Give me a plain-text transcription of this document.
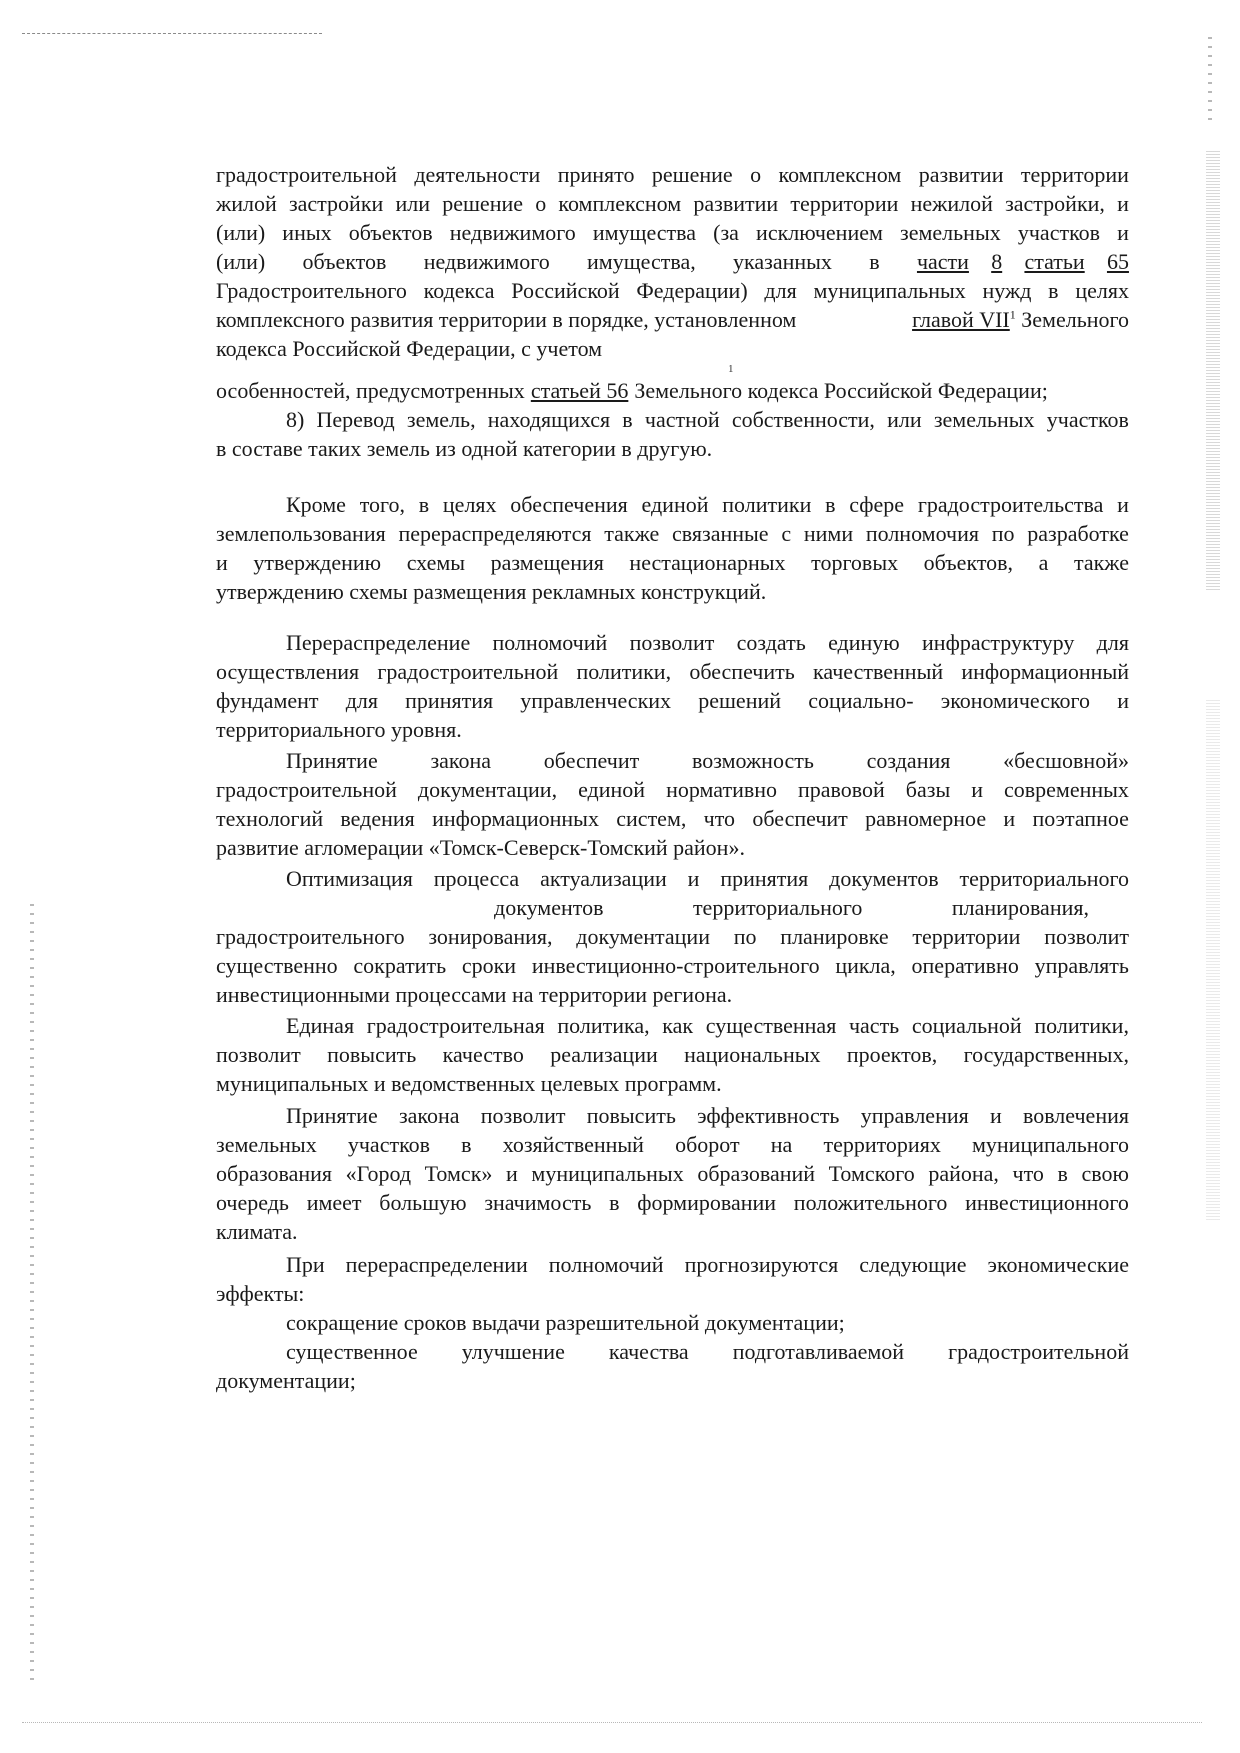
градостроительной деятельности принято решение о комплексном развитии территории
жилой застройки или решение о комплексном развитии территории нежилой застройки, и
(или) иных объектов недвижимого имущества (за исключением земельных участков и
(или) объектов недвижимого имущества, указанных в части 8 статьи 65
Градостроительного кодекса Российской Федерации) для муниципальных нужд в целях
комплексного развития территории в порядке, установленном	главой VII$^1$ Земельного
кодекса Российской Федерации, с учетом
1
особенностей, предусмотренных статьей 56 Земельного кодекса Российской Федерации;
8) Перевод земель, находящихся в частной собственности, или земельных участков
в составе таких земель из одной категории в другую.
Кроме того, в целях обеспечения единой политики в сфере градостроительства и
землепользования перераспределяются также связанные с ними полномочия по разработке
и утверждению схемы размещения нестационарных торговых объектов, а также
утверждению схемы размещения рекламных конструкций.
Перераспределение полномочий позволит создать единую инфраструктуру для
осуществления градостроительной политики, обеспечить качественный информационный
фундамент для принятия управленческих решений социально- экономического и
территориального уровня.
Принятие закона обеспечит возможность создания «бесшовной»
градостроительной документации, единой нормативно правовой базы и современных
технологий ведения информационных систем, что обеспечит равномерное и поэтапное
развитие агломерации «Томск-Северск-Томский район».
Оптимизация процесса актуализации и принятия документов территориального
документов	территориального	планирования,
градостроительного зонирования, документации по планировке территории позволит
существенно сократить сроки инвестиционно-строительного цикла, оперативно управлять
инвестиционными процессами на территории региона.
Единая градостроительная политика, как существенная часть социальной политики,
позволит повысить качество реализации национальных проектов, государственных,
муниципальных и ведомственных целевых программ.
Принятие закона позволит повысить эффективность управления и вовлечения
земельных участков в хозяйственный оборот на территориях муниципального
образования «Город Томск» и муниципальных образований Томского района, что в свою
очередь имеет большую значимость в формировании положительного инвестиционного
климата.
При перераспределении полномочий прогнозируются следующие экономические
эффекты:
сокращение сроков выдачи разрешительной документации;
существенное улучшение качества подготавливаемой градостроительной
документации;
